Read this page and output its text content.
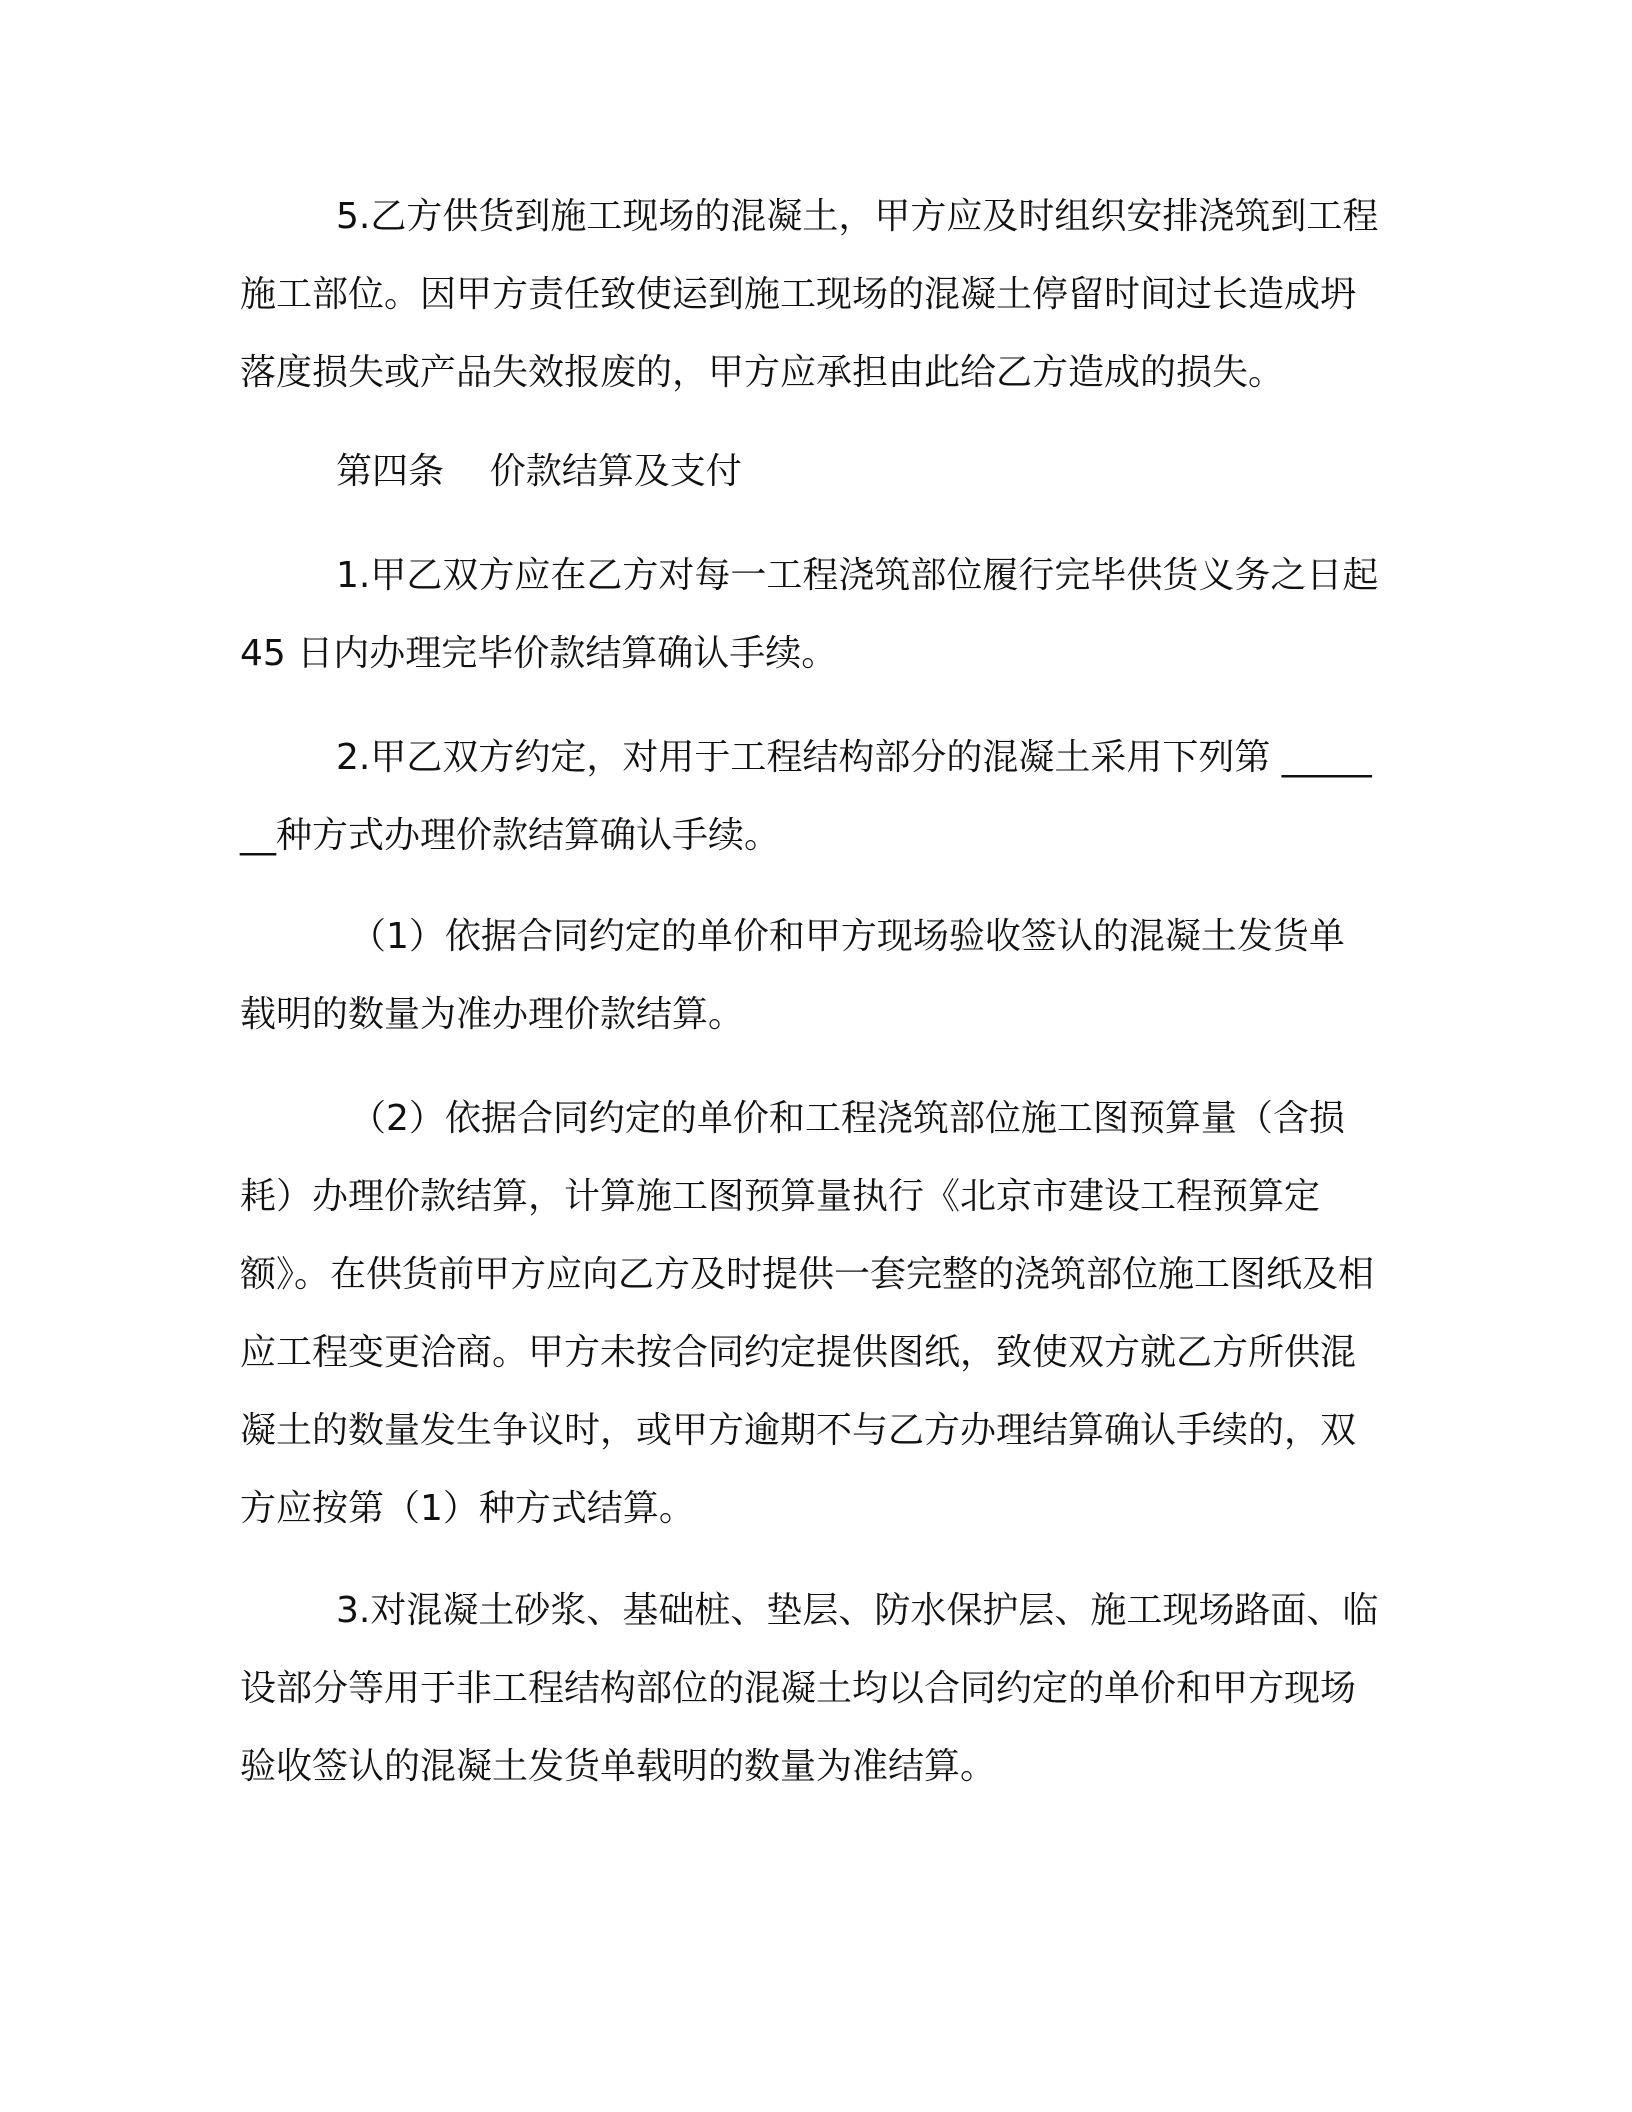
5.乙方供货到施工现场的混凝土，甲方应及时组织安排浇筑到工程施工部位。因甲方责任致使运到施工现场的混凝土停留时间过长造成坍落度损失或产品失效报废的，甲方应承担由此给乙方造成的损失。

第四条    价款结算及支付

1.甲乙双方应在乙方对每一工程浇筑部位履行完毕供货义务之日起 45 日内办理完毕价款结算确认手续。

2.甲乙双方约定，对用于工程结构部分的混凝土采用下列第 _______种方式办理价款结算确认手续。

（1）依据合同约定的单价和甲方现场验收签认的混凝土发货单载明的数量为准办理价款结算。

（2）依据合同约定的单价和工程浇筑部位施工图预算量（含损耗）办理价款结算，计算施工图预算量执行《北京市建设工程预算定额》。在供货前甲方应向乙方及时提供一套完整的浇筑部位施工图纸及相应工程变更洽商。甲方未按合同约定提供图纸，致使双方就乙方所供混凝土的数量发生争议时，或甲方逾期不与乙方办理结算确认手续的，双方应按第（1）种方式结算。

3.对混凝土砂浆、基础桩、垫层、防水保护层、施工现场路面、临设部分等用于非工程结构部位的混凝土均以合同约定的单价和甲方现场验收签认的混凝土发货单载明的数量为准结算。
